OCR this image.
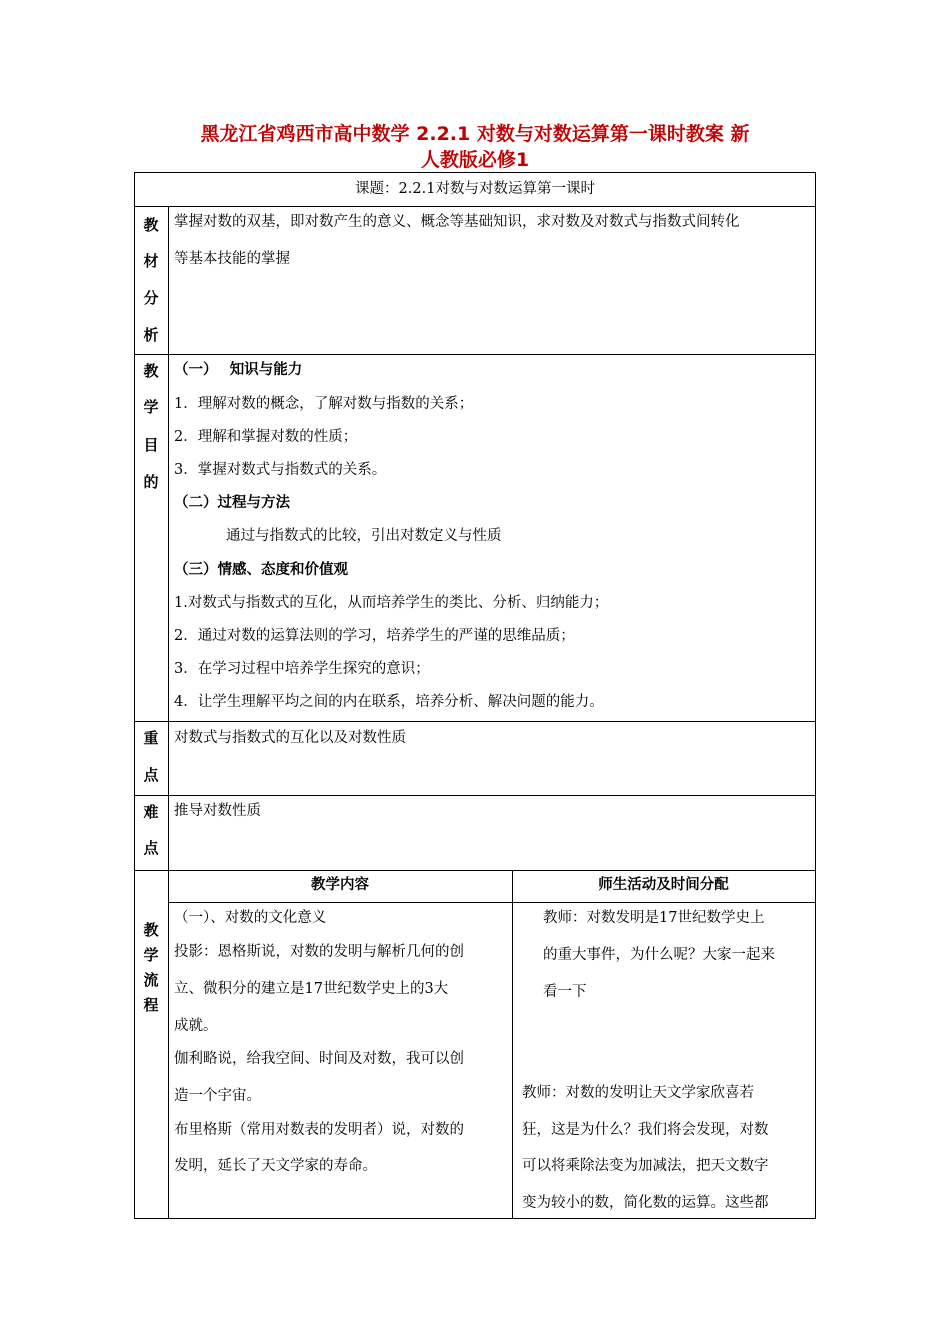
黑龙江省鸡西市高中数学 2.2.1 对数与对数运算第一课时教案 新
人教版必修1
课题：2.2.1对数与对数运算第一课时
教
材
分
析
掌握对数的双基，即对数产生的意义、概念等基础知识，求对数及对数式与指数式间转化
等基本技能的掌握
教
学
目
的
（一）　 知识与能力
1．理解对数的概念，了解对数与指数的关系；
2．理解和掌握对数的性质；
3．掌握对数式与指数式的关系。
（二）过程与方法
通过与指数式的比较，引出对数定义与性质
（三）情感、态度和价值观
1.对数式与指数式的互化，从而培养学生的类比、分析、归纳能力；
2．通过对数的运算法则的学习，培养学生的严谨的思维品质；
3．在学习过程中培养学生探究的意识；
4．让学生理解平均之间的内在联系，培养分析、解决问题的能力。
重
点
对数式与指数式的互化以及对数性质
难
点
推导对数性质
教
学
流
程
教学内容	师生活动及时间分配
（一）、对数的文化意义
投影：恩格斯说，对数的发明与解析几何的创
立、微积分的建立是17世纪数学史上的3大
成就。
伽利略说，给我空间、时间及对数，我可以创
造一个宇宙。
布里格斯（常用对数表的发明者）说，对数的
发明，延长了天文学家的寿命。
教师：对数发明是17世纪数学史上
的重大事件，为什么呢？大家一起来
看一下
教师：对数的发明让天文学家欣喜若
狂，这是为什么？我们将会发现，对数
可以将乘除法变为加减法，把天文数字
变为较小的数，简化数的运算。这些都
